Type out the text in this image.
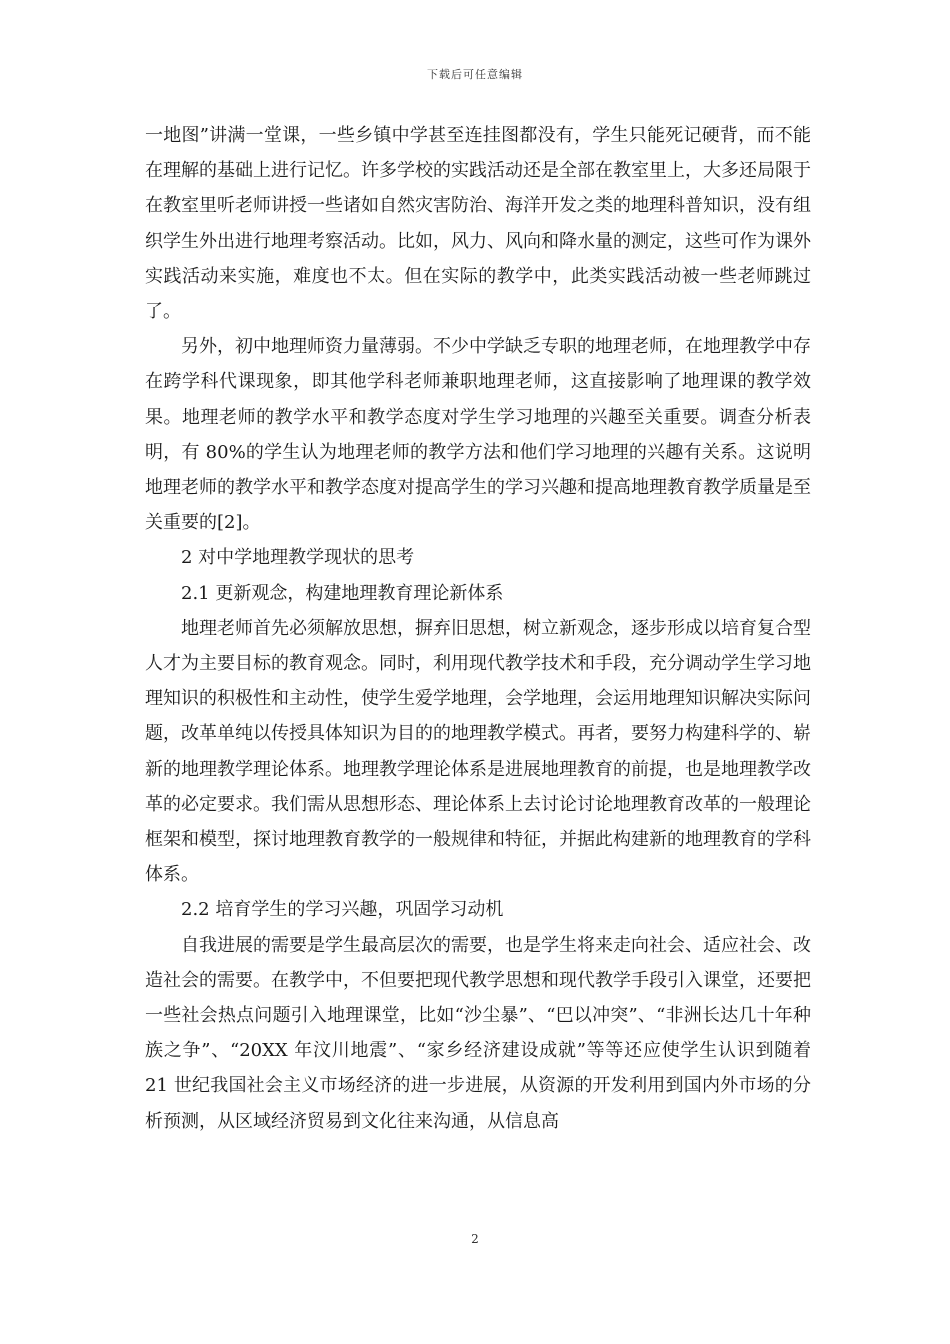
下载后可任意编辑

一地图”讲满一堂课，一些乡镇中学甚至连挂图都没有，学生只能死记硬背，而不能在理解的基础上进行记忆。许多学校的实践活动还是全部在教室里上，大多还局限于在教室里听老师讲授一些诸如自然灾害防治、海洋开发之类的地理科普知识，没有组织学生外出进行地理考察活动。比如，风力、风向和降水量的测定，这些可作为课外实践活动来实施，难度也不太。但在实际的教学中，此类实践活动被一些老师跳过了。

另外，初中地理师资力量薄弱。不少中学缺乏专职的地理老师，在地理教学中存在跨学科代课现象，即其他学科老师兼职地理老师，这直接影响了地理课的教学效果。地理老师的教学水平和教学态度对学生学习地理的兴趣至关重要。调查分析表明，有 80%的学生认为地理老师的教学方法和他们学习地理的兴趣有关系。这说明地理老师的教学水平和教学态度对提高学生的学习兴趣和提高地理教育教学质量是至关重要的[2]。

2 对中学地理教学现状的思考

2.1 更新观念，构建地理教育理论新体系

地理老师首先必须解放思想，摒弃旧思想，树立新观念，逐步形成以培育复合型人才为主要目标的教育观念。同时，利用现代教学技术和手段，充分调动学生学习地理知识的积极性和主动性，使学生爱学地理，会学地理，会运用地理知识解决实际问题，改革单纯以传授具体知识为目的的地理教学模式。再者，要努力构建科学的、崭新的地理教学理论体系。地理教学理论体系是进展地理教育的前提，也是地理教学改革的必定要求。我们需从思想形态、理论体系上去讨论讨论地理教育改革的一般理论框架和模型，探讨地理教育教学的一般规律和特征，并据此构建新的地理教育的学科体系。

2.2 培育学生的学习兴趣，巩固学习动机

自我进展的需要是学生最高层次的需要，也是学生将来走向社会、适应社会、改造社会的需要。在教学中，不但要把现代教学思想和现代教学手段引入课堂，还要把一些社会热点问题引入地理课堂，比如“沙尘暴”、“巴以冲突”、“非洲长达几十年种族之争”、“20XX 年汶川地震”、“家乡经济建设成就”等等还应使学生认识到随着 21 世纪我国社会主义市场经济的进一步进展，从资源的开发利用到国内外市场的分析预测，从区域经济贸易到文化往来沟通，从信息高

2
